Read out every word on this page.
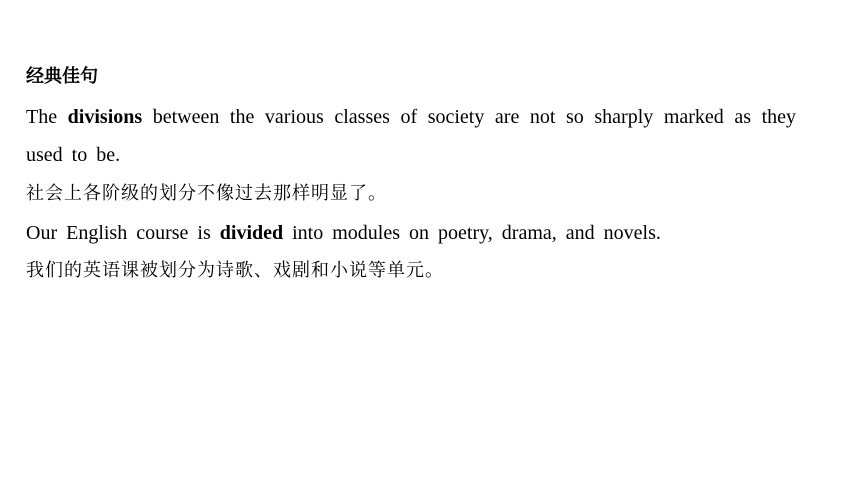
经典佳句
The divisions between the various classes of society are not so sharply marked as they used to be.
社会上各阶级的划分不像过去那样明显了。
Our English course is divided into modules on poetry, drama, and novels.
我们的英语课被划分为诗歌、戏剧和小说等单元。
